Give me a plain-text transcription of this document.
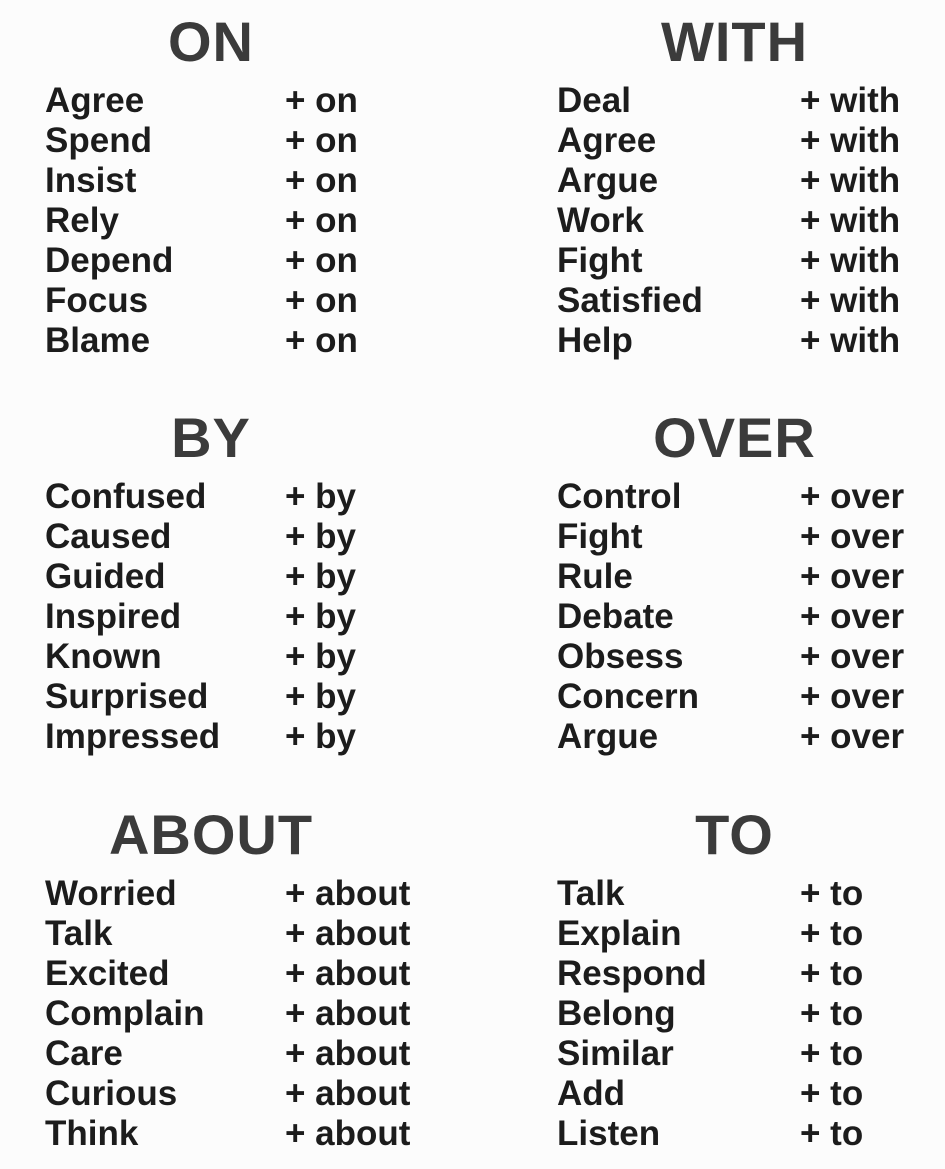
ON
Agree	+ on
Spend	+ on
Insist	+ on
Rely	+ on
Depend	+ on
Focus	+ on
Blame	+ on
WITH
Deal	+ with
Agree	+ with
Argue	+ with
Work	+ with
Fight	+ with
Satisfied	+ with
Help	+ with
BY
Confused	+ by
Caused	+ by
Guided	+ by
Inspired	+ by
Known	+ by
Surprised	+ by
Impressed	+ by
OVER
Control	+ over
Fight	+ over
Rule	+ over
Debate	+ over
Obsess	+ over
Concern	+ over
Argue	+ over
ABOUT
Worried	+ about
Talk	+ about
Excited	+ about
Complain	+ about
Care	+ about
Curious	+ about
Think	+ about
TO
Talk	+ to
Explain	+ to
Respond	+ to
Belong	+ to
Similar	+ to
Add	+ to
Listen	+ to
